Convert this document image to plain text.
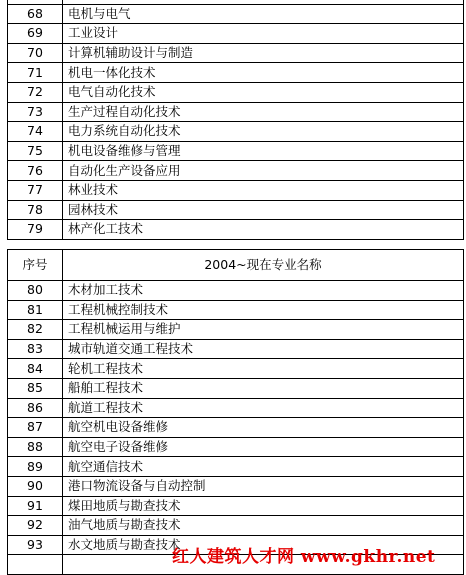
68	电机与电气
69	工业设计
70	计算机辅助设计与制造
71	机电一体化技术
72	电气自动化技术
73	生产过程自动化技术
74	电力系统自动化技术
75	机电设备维修与管理
76	自动化生产设备应用
77	林业技术
78	园林技术
79	林产化工技术
序号	2004~现在专业名称
80	木材加工技术
81	工程机械控制技术
82	工程机械运用与维护
83	城市轨道交通工程技术
84	轮机工程技术
85	船舶工程技术
86	航道工程技术
87	航空机电设备维修
88	航空电子设备维修
89	航空通信技术
90	港口物流设备与自动控制
91	煤田地质与勘查技术
92	油气地质与勘查技术
93	水文地质与勘查技术

红人建筑人才网 www.gkhr.net
